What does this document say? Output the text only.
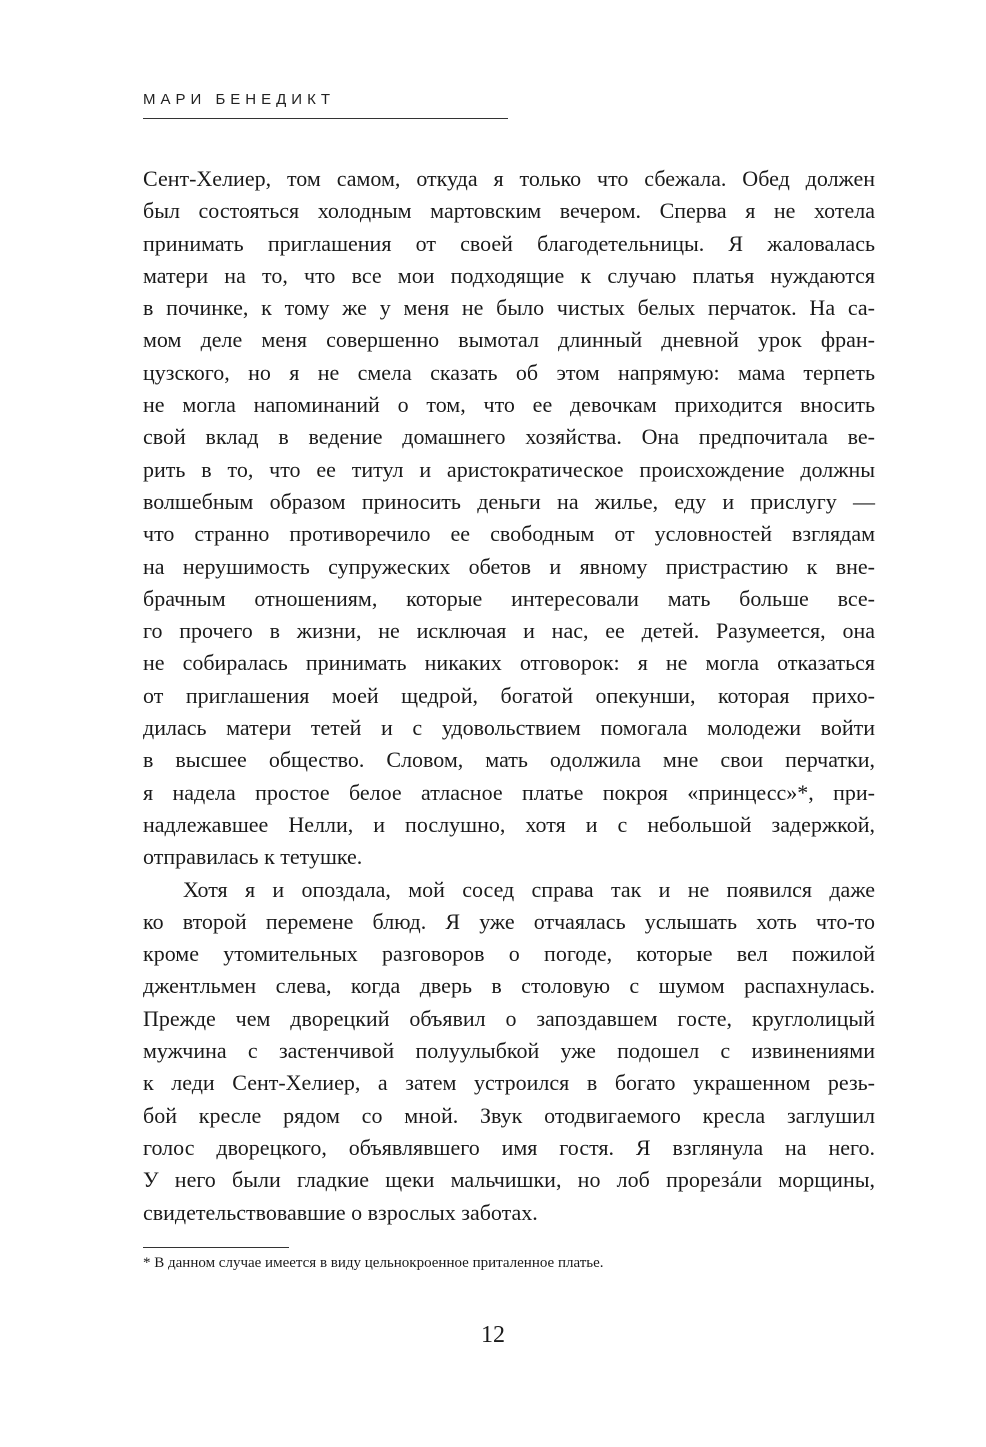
МАРИ БЕНЕДИКТ
Сент-Хелиер, том самом, откуда я только что сбежала. Обед должен
был состояться холодным мартовским вечером. Сперва я не хотела
принимать приглашения от своей благодетельницы. Я жаловалась
матери на то, что все мои подходящие к случаю платья нуждаются
в починке, к тому же у меня не было чистых белых перчаток. На са-
мом деле меня совершенно вымотал длинный дневной урок фран-
цузского, но я не смела сказать об этом напрямую: мама терпеть
не могла напоминаний о том, что ее девочкам приходится вносить
свой вклад в ведение домашнего хозяйства. Она предпочитала ве-
рить в то, что ее титул и аристократическое происхождение должны
волшебным образом приносить деньги на жилье, еду и прислугу —
что странно противоречило ее свободным от условностей взглядам
на нерушимость супружеских обетов и явному пристрастию к вне-
брачным отношениям, которые интересовали мать больше все-
го прочего в жизни, не исключая и нас, ее детей. Разумеется, она
не собиралась принимать никаких отговорок: я не могла отказаться
от приглашения моей щедрой, богатой опекунши, которая прихо-
дилась матери тетей и с удовольствием помогала молодежи войти
в высшее общество. Словом, мать одолжила мне свои перчатки,
я надела простое белое атласное платье покроя «принцесс»*, при-
надлежавшее Нелли, и послушно, хотя и с небольшой задержкой,
отправилась к тетушке.
Хотя я и опоздала, мой сосед справа так и не появился даже
ко второй перемене блюд. Я уже отчаялась услышать хоть что-то
кроме утомительных разговоров о погоде, которые вел пожилой
джентльмен слева, когда дверь в столовую с шумом распахнулась.
Прежде чем дворецкий объявил о запоздавшем госте, круглолицый
мужчина с застенчивой полуулыбкой уже подошел с извинениями
к леди Сент-Хелиер, а затем устроился в богато украшенном резь-
бой кресле рядом со мной. Звук отодвигаемого кресла заглушил
голос дворецкого, объявлявшего имя гостя. Я взглянула на него.
У него были гладкие щеки мальчишки, но лоб прорезáли морщины,
свидетельствовавшие о взрослых заботах.
* В данном случае имеется в виду цельнокроенное приталенное платье.
12
